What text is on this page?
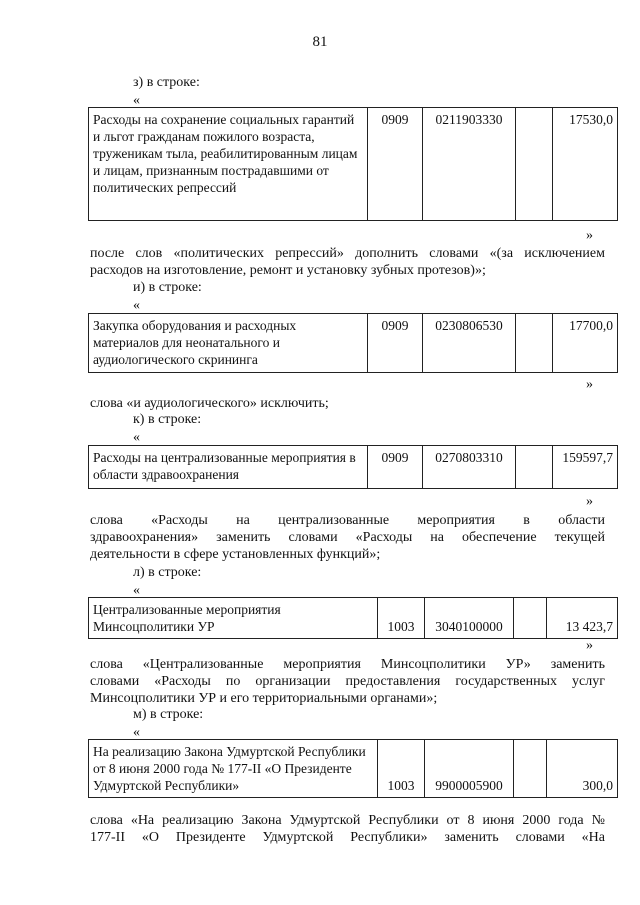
81
з) в строке:
«
Расходы на сохранение социальных гарантий и льгот гражданам пожилого возраста, труженикам тыла, реабилитированным лицам и лицам, признанным пострадавшими от политических репрессий	0909	0211903330		17530,0
»
после слов «политических репрессий» дополнить словами «(за исключением
расходов на изготовление, ремонт и установку зубных протезов)»;
и) в строке:
«
Закупка оборудования и расходных материалов для неонатального и аудиологического скрининга	0909	0230806530		17700,0
»
слова «и аудиологического» исключить;
к) в строке:
«
Расходы на централизованные мероприятия в области здравоохранения	0909	0270803310		159597,7
»
слова «Расходы на централизованные мероприятия в области
здравоохранения» заменить словами «Расходы на обеспечение текущей
деятельности в сфере установленных функций»;
л) в строке:
«
Централизованные мероприятия Минсоцполитики УР	1003	3040100000		13 423,7
»
слова «Централизованные мероприятия Минсоцполитики УР» заменить
словами «Расходы по организации предоставления государственных услуг
Минсоцполитики УР и его территориальными органами»;
м) в строке:
«
На реализацию Закона Удмуртской Республики от 8 июня 2000 года № 177-II «О Президенте Удмуртской Республики»	1003	9900005900		300,0
слова «На реализацию Закона Удмуртской Республики от 8 июня 2000 года №
177-II «О Президенте Удмуртской Республики» заменить словами «На
